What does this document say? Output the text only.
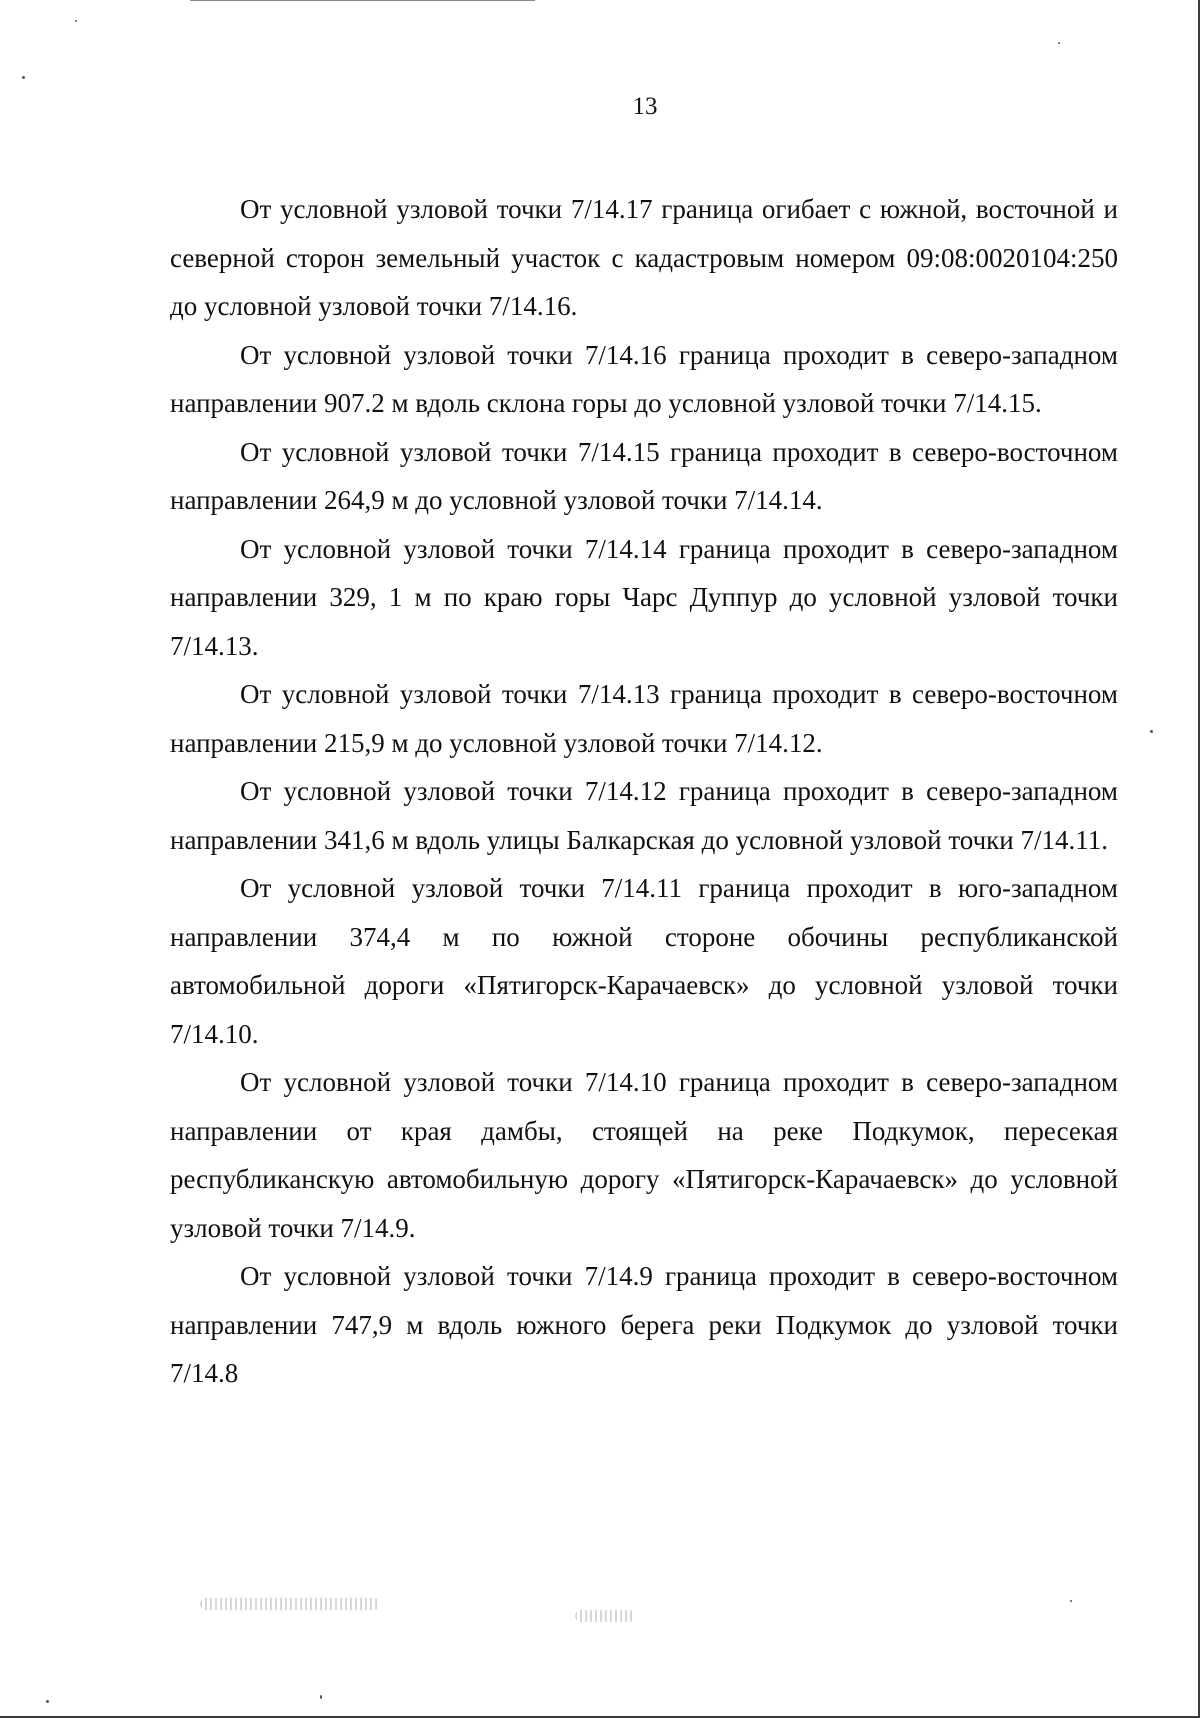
13

От условной узловой точки 7/14.17 граница огибает с южной, восточной и северной сторон земельный участок с кадастровым номером 09:08:0020104:250 до условной узловой точки 7/14.16.

От условной узловой точки 7/14.16 граница проходит в северо-западном направлении 907.2 м вдоль склона горы до условной узловой точки 7/14.15.

От условной узловой точки 7/14.15 граница проходит в северо-восточном направлении 264,9 м до условной узловой точки 7/14.14.

От условной узловой точки 7/14.14 граница проходит в северо-западном направлении 329, 1 м по краю горы Чарс Дуппур до условной узловой точки 7/14.13.

От условной узловой точки 7/14.13 граница проходит в северо-восточном направлении 215,9 м до условной узловой точки 7/14.12.

От условной узловой точки 7/14.12 граница проходит в северо-западном направлении 341,6 м вдоль улицы Балкарская до условной узловой точки 7/14.11.

От условной узловой точки 7/14.11 граница проходит в юго-западном направлении 374,4 м по южной стороне обочины республиканской автомобильной дороги «Пятигорск-Карачаевск» до условной узловой точки 7/14.10.

От условной узловой точки 7/14.10 граница проходит в северо-западном направлении от края дамбы, стоящей на реке Подкумок, пересекая республиканскую автомобильную дорогу «Пятигорск-Карачаевск» до условной узловой точки 7/14.9.

От условной узловой точки 7/14.9 граница проходит в северо-восточном направлении 747,9 м вдоль южного берега реки Подкумок до узловой точки 7/14.8
